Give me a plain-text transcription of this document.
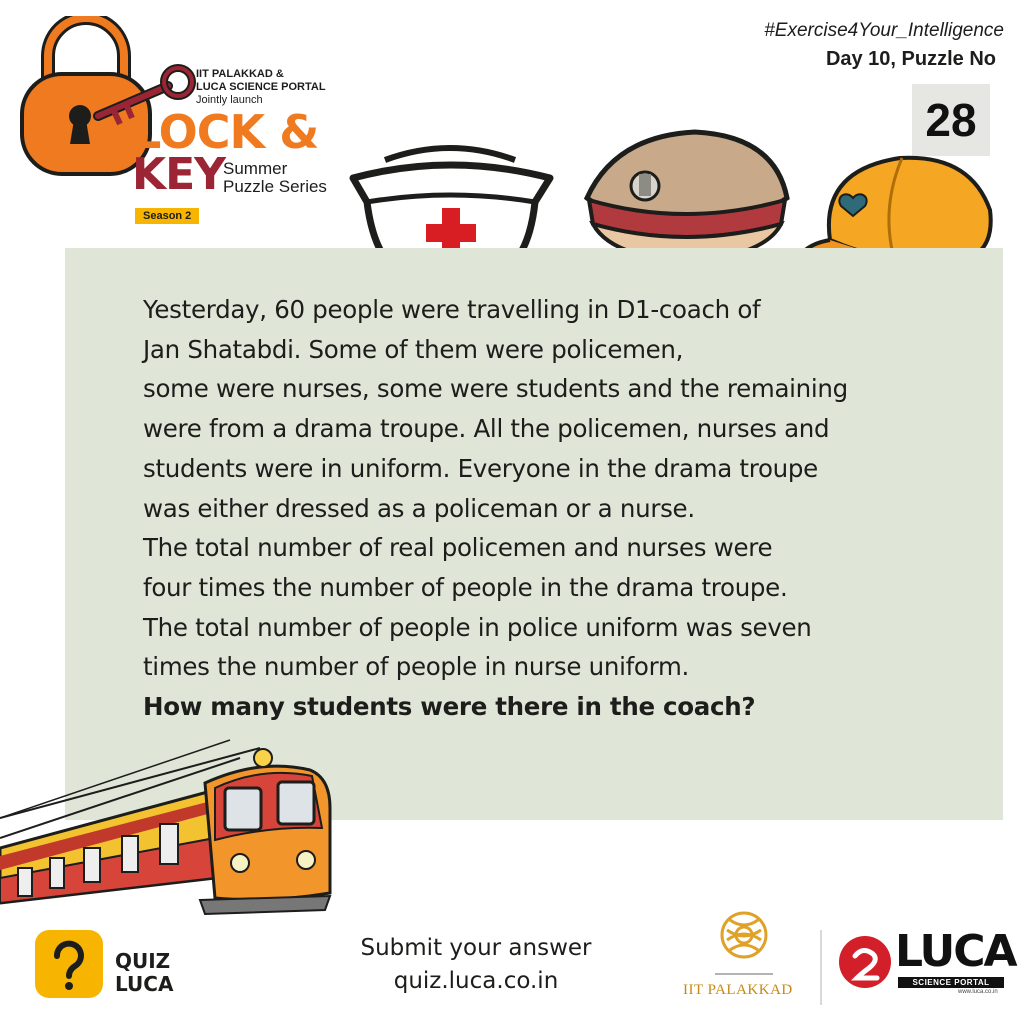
IIT PALAKKAD &
LUCA SCIENCE PORTAL
Jointly launch
LOCK &
KEY
Summer
Puzzle Series
Season 2
#Exercise4Your_Intelligence
Day 10, Puzzle No
28
Yesterday, 60 people were travelling in D1-coach of
Jan Shatabdi. Some of them were policemen,
some were nurses, some were students and the remaining
were from a drama troupe. All the policemen, nurses and
students were in uniform. Everyone in the drama troupe
was either dressed as a policeman or a nurse.
The total number of real policemen and nurses were
four times the number of people in the drama troupe.
The total number of people in police uniform was seven
times the number of people in nurse uniform.
How many students were there in the coach?
QUIZ
LUCA
Submit your answer
quiz.luca.co.in	IIT PALAKKAD
LUCA
SCIENCE PORTAL
www.luca.co.in
